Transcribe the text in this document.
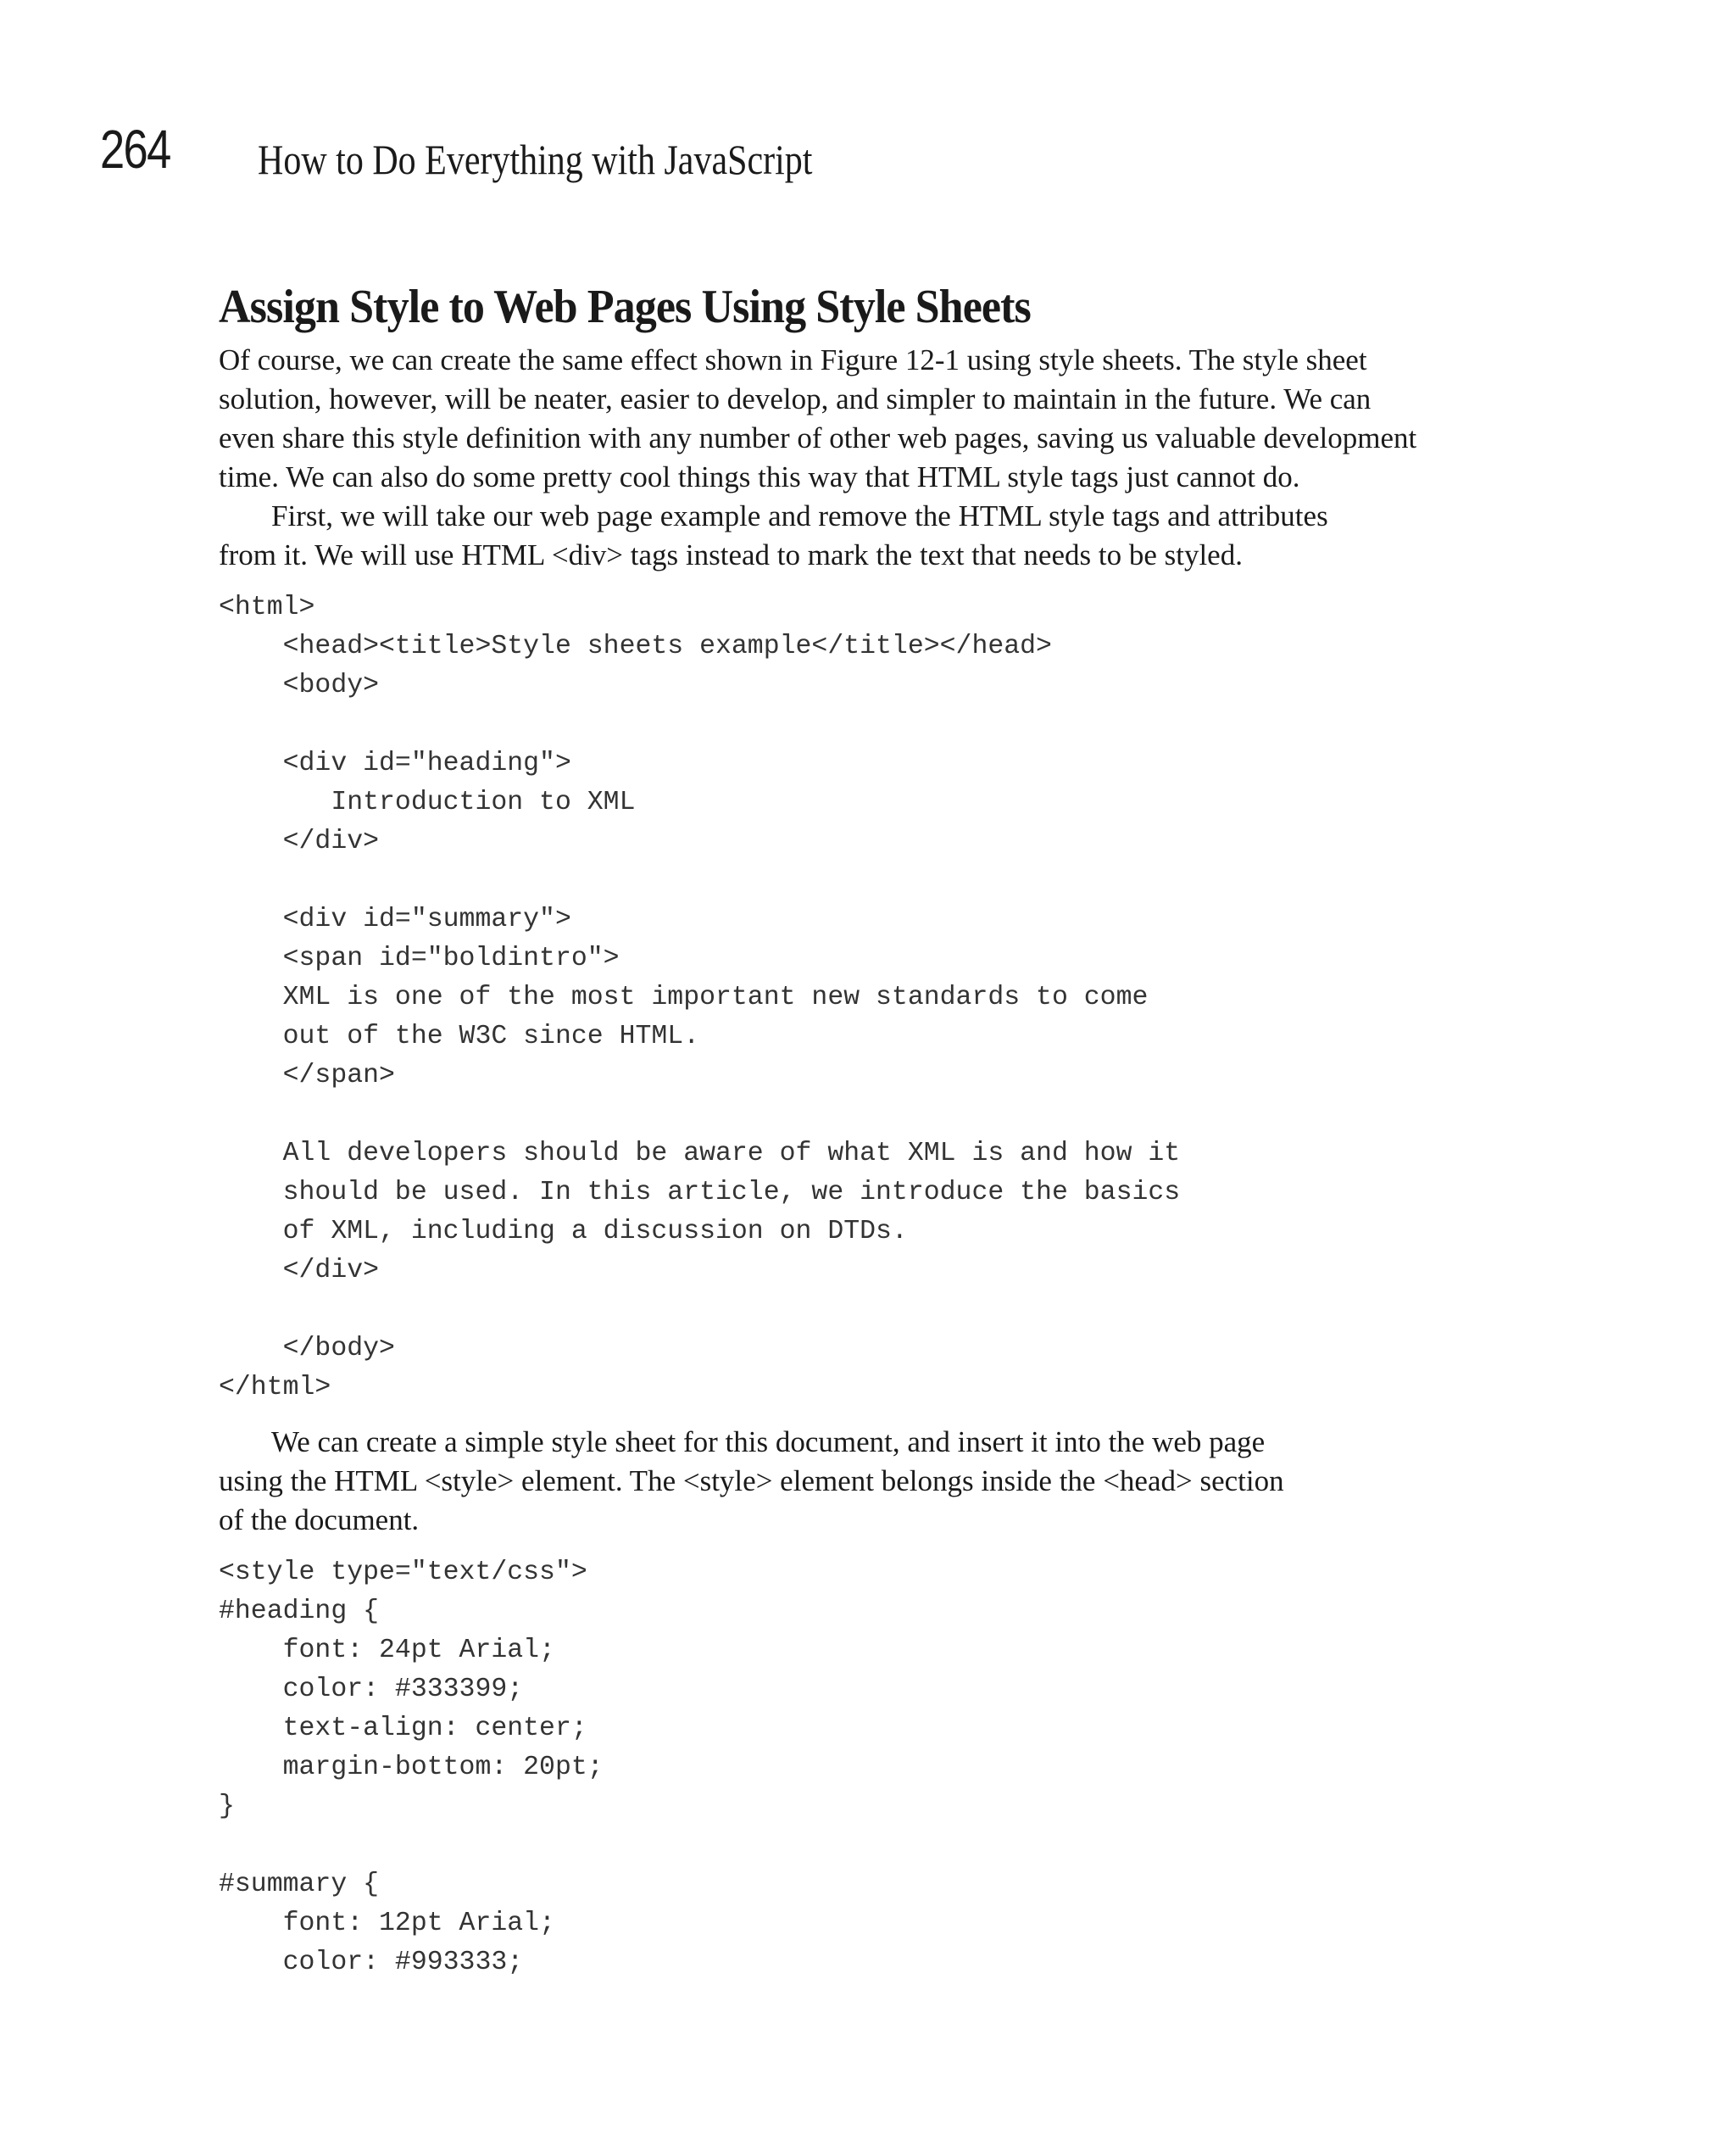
264 How to Do Everything with JavaScript
Assign Style to Web Pages Using Style Sheets

Of course, we can create the same effect shown in Figure 12-1 using style sheets. The style sheet
solution, however, will be neater, easier to develop, and simpler to maintain in the future. We can
even share this style definition with any number of other web pages, saving us valuable development
time. We can also do some pretty cool things this way that HTML style tags just cannot do.

First, we will take our web page example and remove the HTML style tags and attributes
from it. We will use HTML <div> tags instead to mark the text that needs to be styled.

<html>
<head><title>Style sheets example</title></head>
<body>

<div id="heading">
Introduction to XML
</div>

<div id="summary">
<span id="boldintro">
XML is one of the most important new standards to come
out of the W3C since HTML.
</span>

All developers should be aware of what XML is and how it
should be used. In this article, we introduce the basics
of XML, including a discussion on DTDs.
</div>

</body>
</html>

We can create a simple style sheet for this document, and insert it into the web page
using the HTML <style> element. The <style> element belongs inside the <head> section
of the document.

<style type="text/css">
#heading {
font: 24pt Arial;
color: #333399;
text-align: center;
margin-bottom: 20pt;
}

#summary {
font: 12pt Arial;
color: #993333;
